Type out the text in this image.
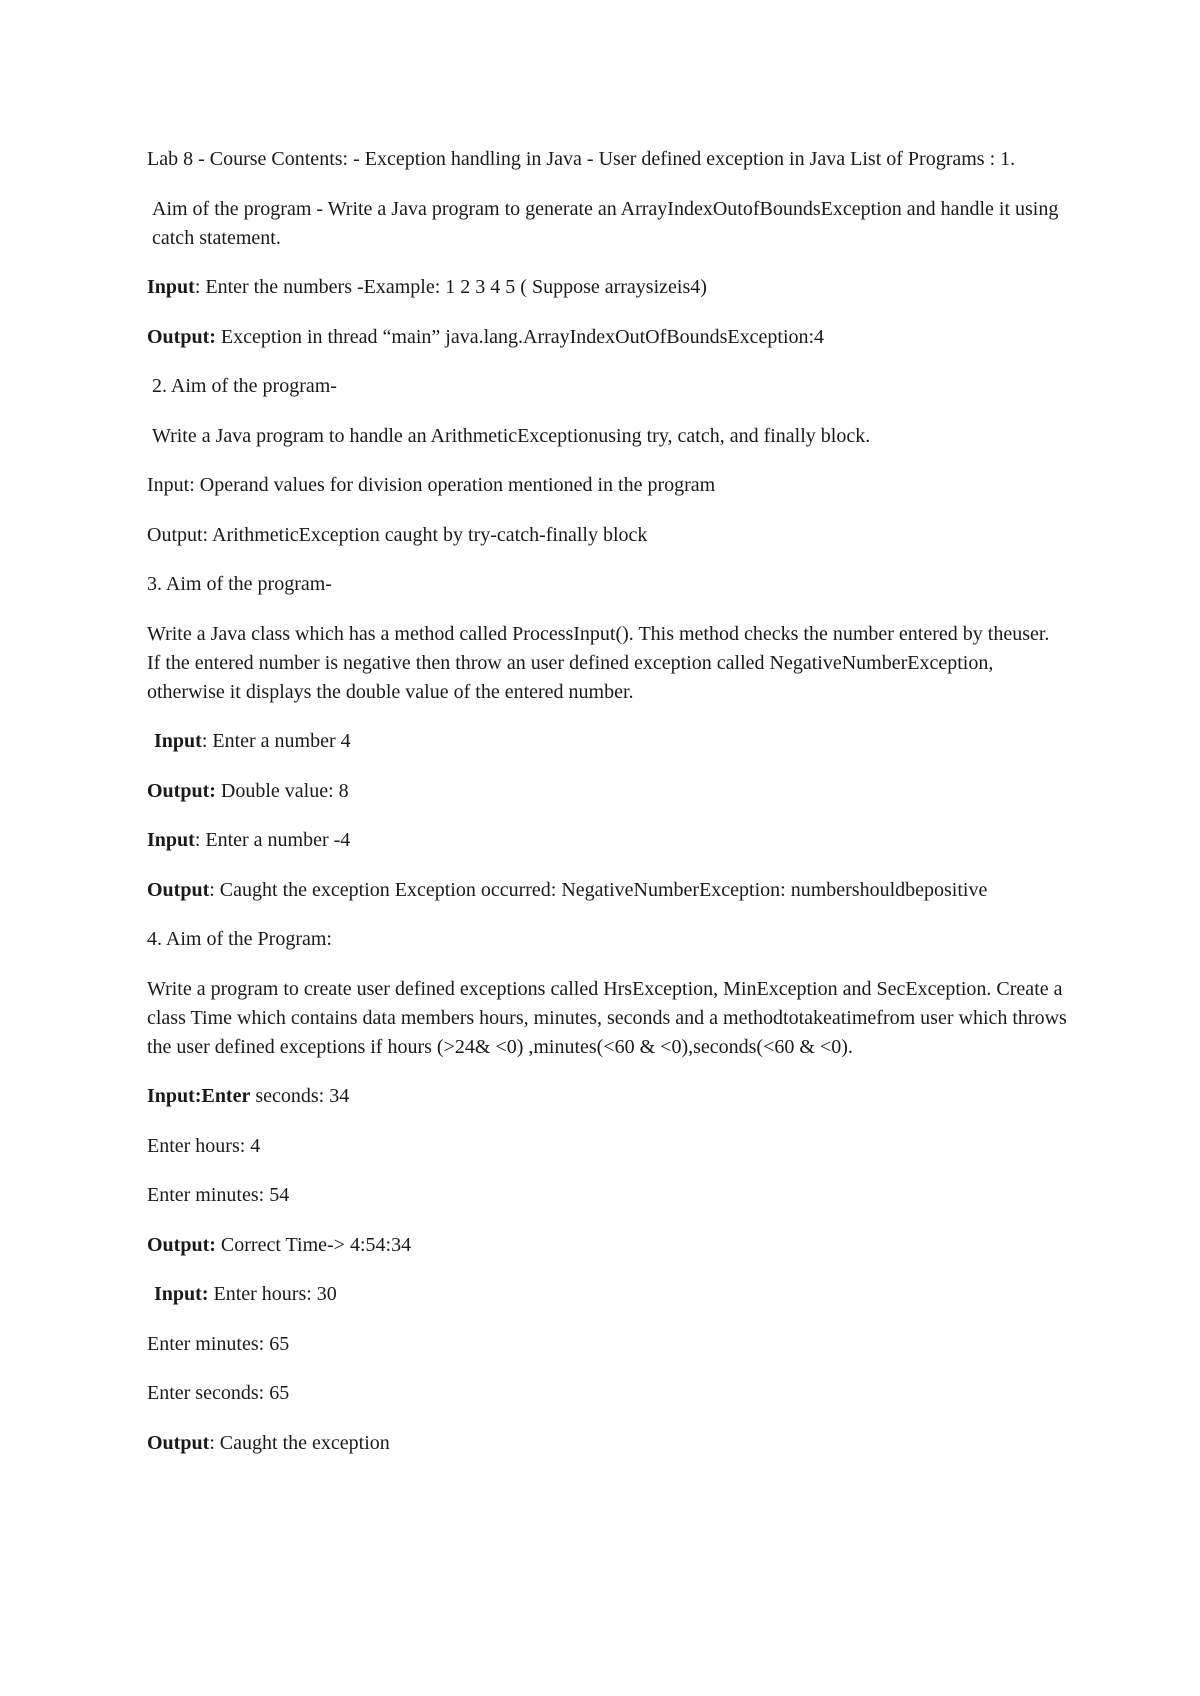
Lab 8 - Course Contents: - Exception handling in Java - User defined exception in Java List of Programs : 1.

Aim of the program - Write a Java program to generate an ArrayIndexOutofBoundsException and handle it using catch statement.

Input: Enter the numbers -Example: 1 2 3 4 5 ( Suppose arraysizeis4)

Output: Exception in thread “main” java.lang.ArrayIndexOutOfBoundsException:4

2. Aim of the program-

Write a Java program to handle an ArithmeticExceptionusing try, catch, and finally block.

Input: Operand values for division operation mentioned in the program

Output: ArithmeticException caught by try-catch-finally block

3. Aim of the program-

Write a Java class which has a method called ProcessInput(). This method checks the number entered by theuser. If the entered number is negative then throw an user defined exception called NegativeNumberException, otherwise it displays the double value of the entered number.

Input: Enter a number 4

Output: Double value: 8

Input: Enter a number -4

Output: Caught the exception Exception occurred: NegativeNumberException: numbershouldbepositive

4. Aim of the Program:

Write a program to create user defined exceptions called HrsException, MinException and SecException. Create a class Time which contains data members hours, minutes, seconds and a methodtotakeatimefrom user which throws the user defined exceptions if hours (>24& <0) ,minutes(<60 & <0),seconds(<60 & <0).

Input:Enter seconds: 34

Enter hours: 4

Enter minutes: 54

Output: Correct Time-> 4:54:34

Input: Enter hours: 30

Enter minutes: 65

Enter seconds: 65

Output: Caught the exception
